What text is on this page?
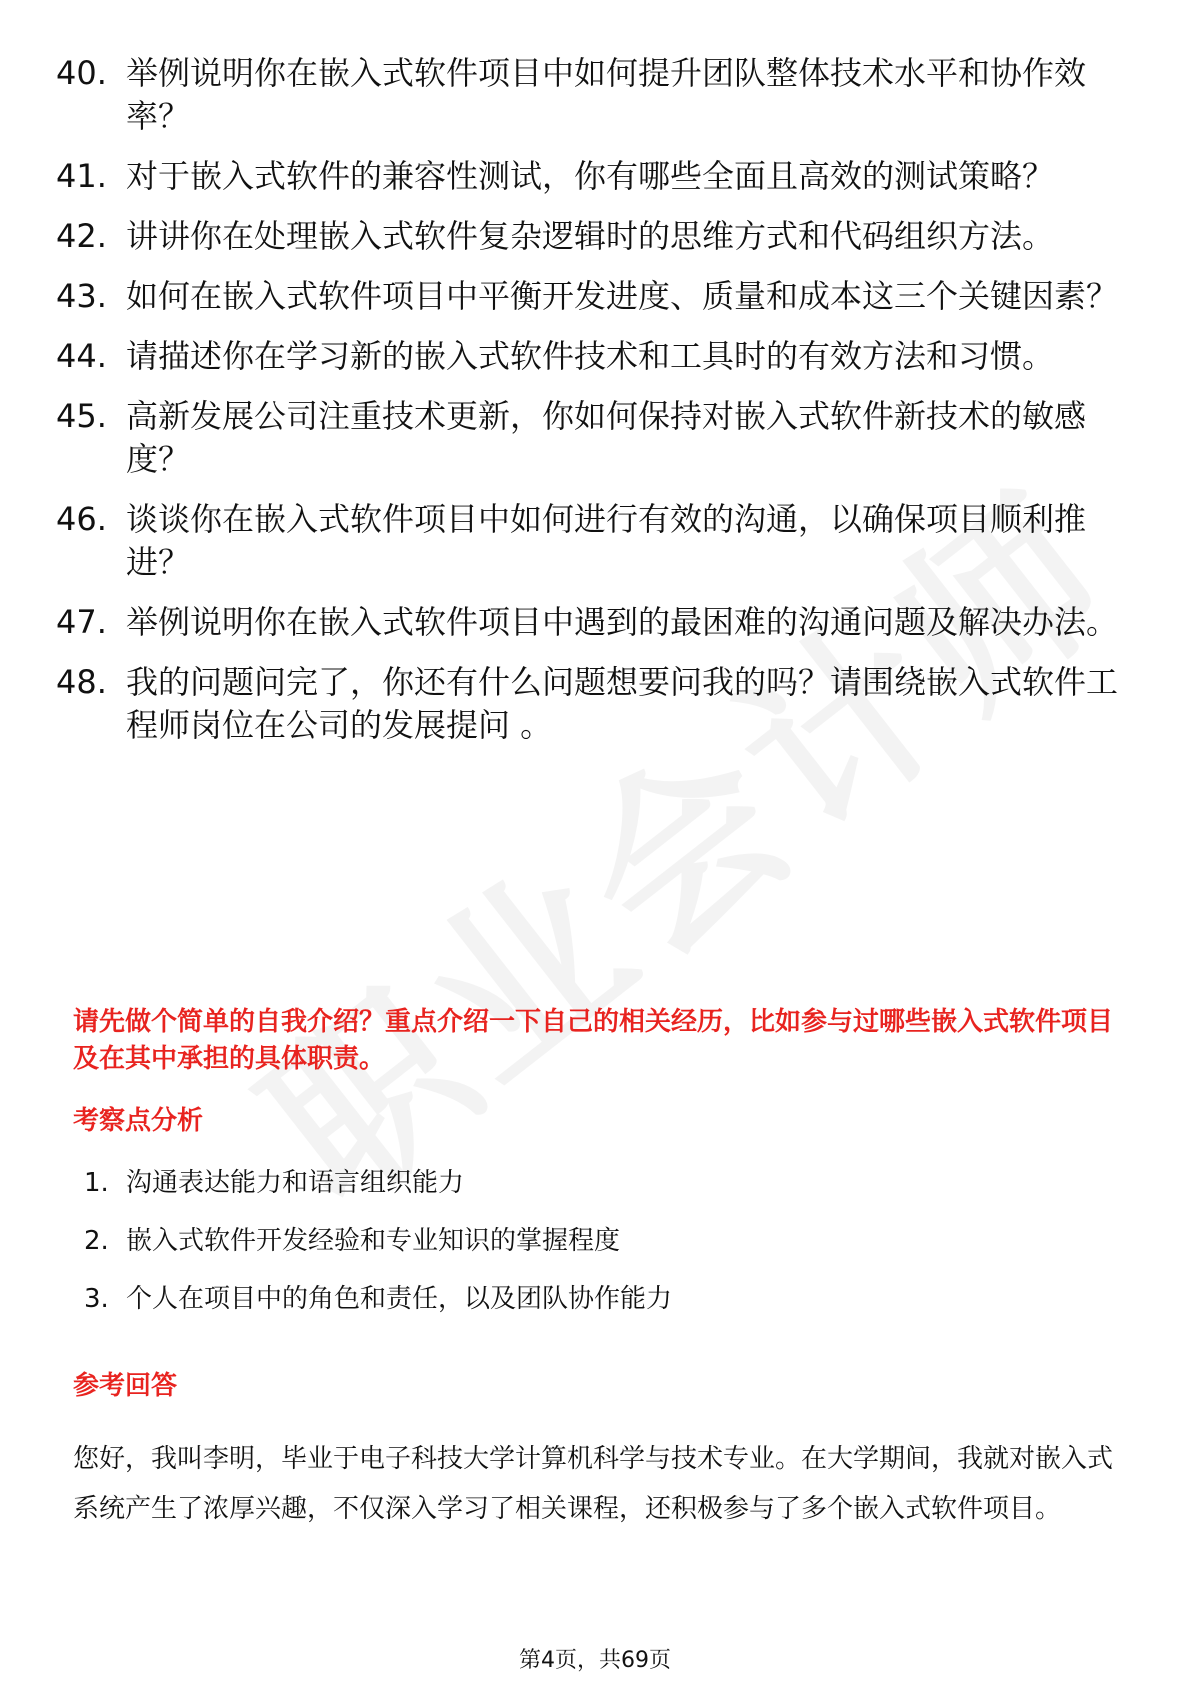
40. 举例说明你在嵌入式软件项目中如何提升团队整体技术水平和协作效率？
41. 对于嵌入式软件的兼容性测试，你有哪些全面且高效的测试策略？
42. 讲讲你在处理嵌入式软件复杂逻辑时的思维方式和代码组织方法。
43. 如何在嵌入式软件项目中平衡开发进度、质量和成本这三个关键因素？
44. 请描述你在学习新的嵌入式软件技术和工具时的有效方法和习惯。
45. 高新发展公司注重技术更新，你如何保持对嵌入式软件新技术的敏感度？
46. 谈谈你在嵌入式软件项目中如何进行有效的沟通，以确保项目顺利推进？
47. 举例说明你在嵌入式软件项目中遇到的最困难的沟通问题及解决办法。
48. 我的问题问完了，你还有什么问题想要问我的吗？请围绕嵌入式软件工程师岗位在公司的发展提问 。
请先做个简单的自我介绍？重点介绍一下自己的相关经历，比如参与过哪些嵌入式软件项目及在其中承担的具体职责。
考察点分析
1. 沟通表达能力和语言组织能力
2. 嵌入式软件开发经验和专业知识的掌握程度
3. 个人在项目中的角色和责任，以及团队协作能力
参考回答

您好，我叫李明，毕业于电子科技大学计算机科学与技术专业。在大学期间，我就对嵌入式系统产生了浓厚兴趣，不仅深入学习了相关课程，还积极参与了多个嵌入式软件项目。

第4页，共69页
